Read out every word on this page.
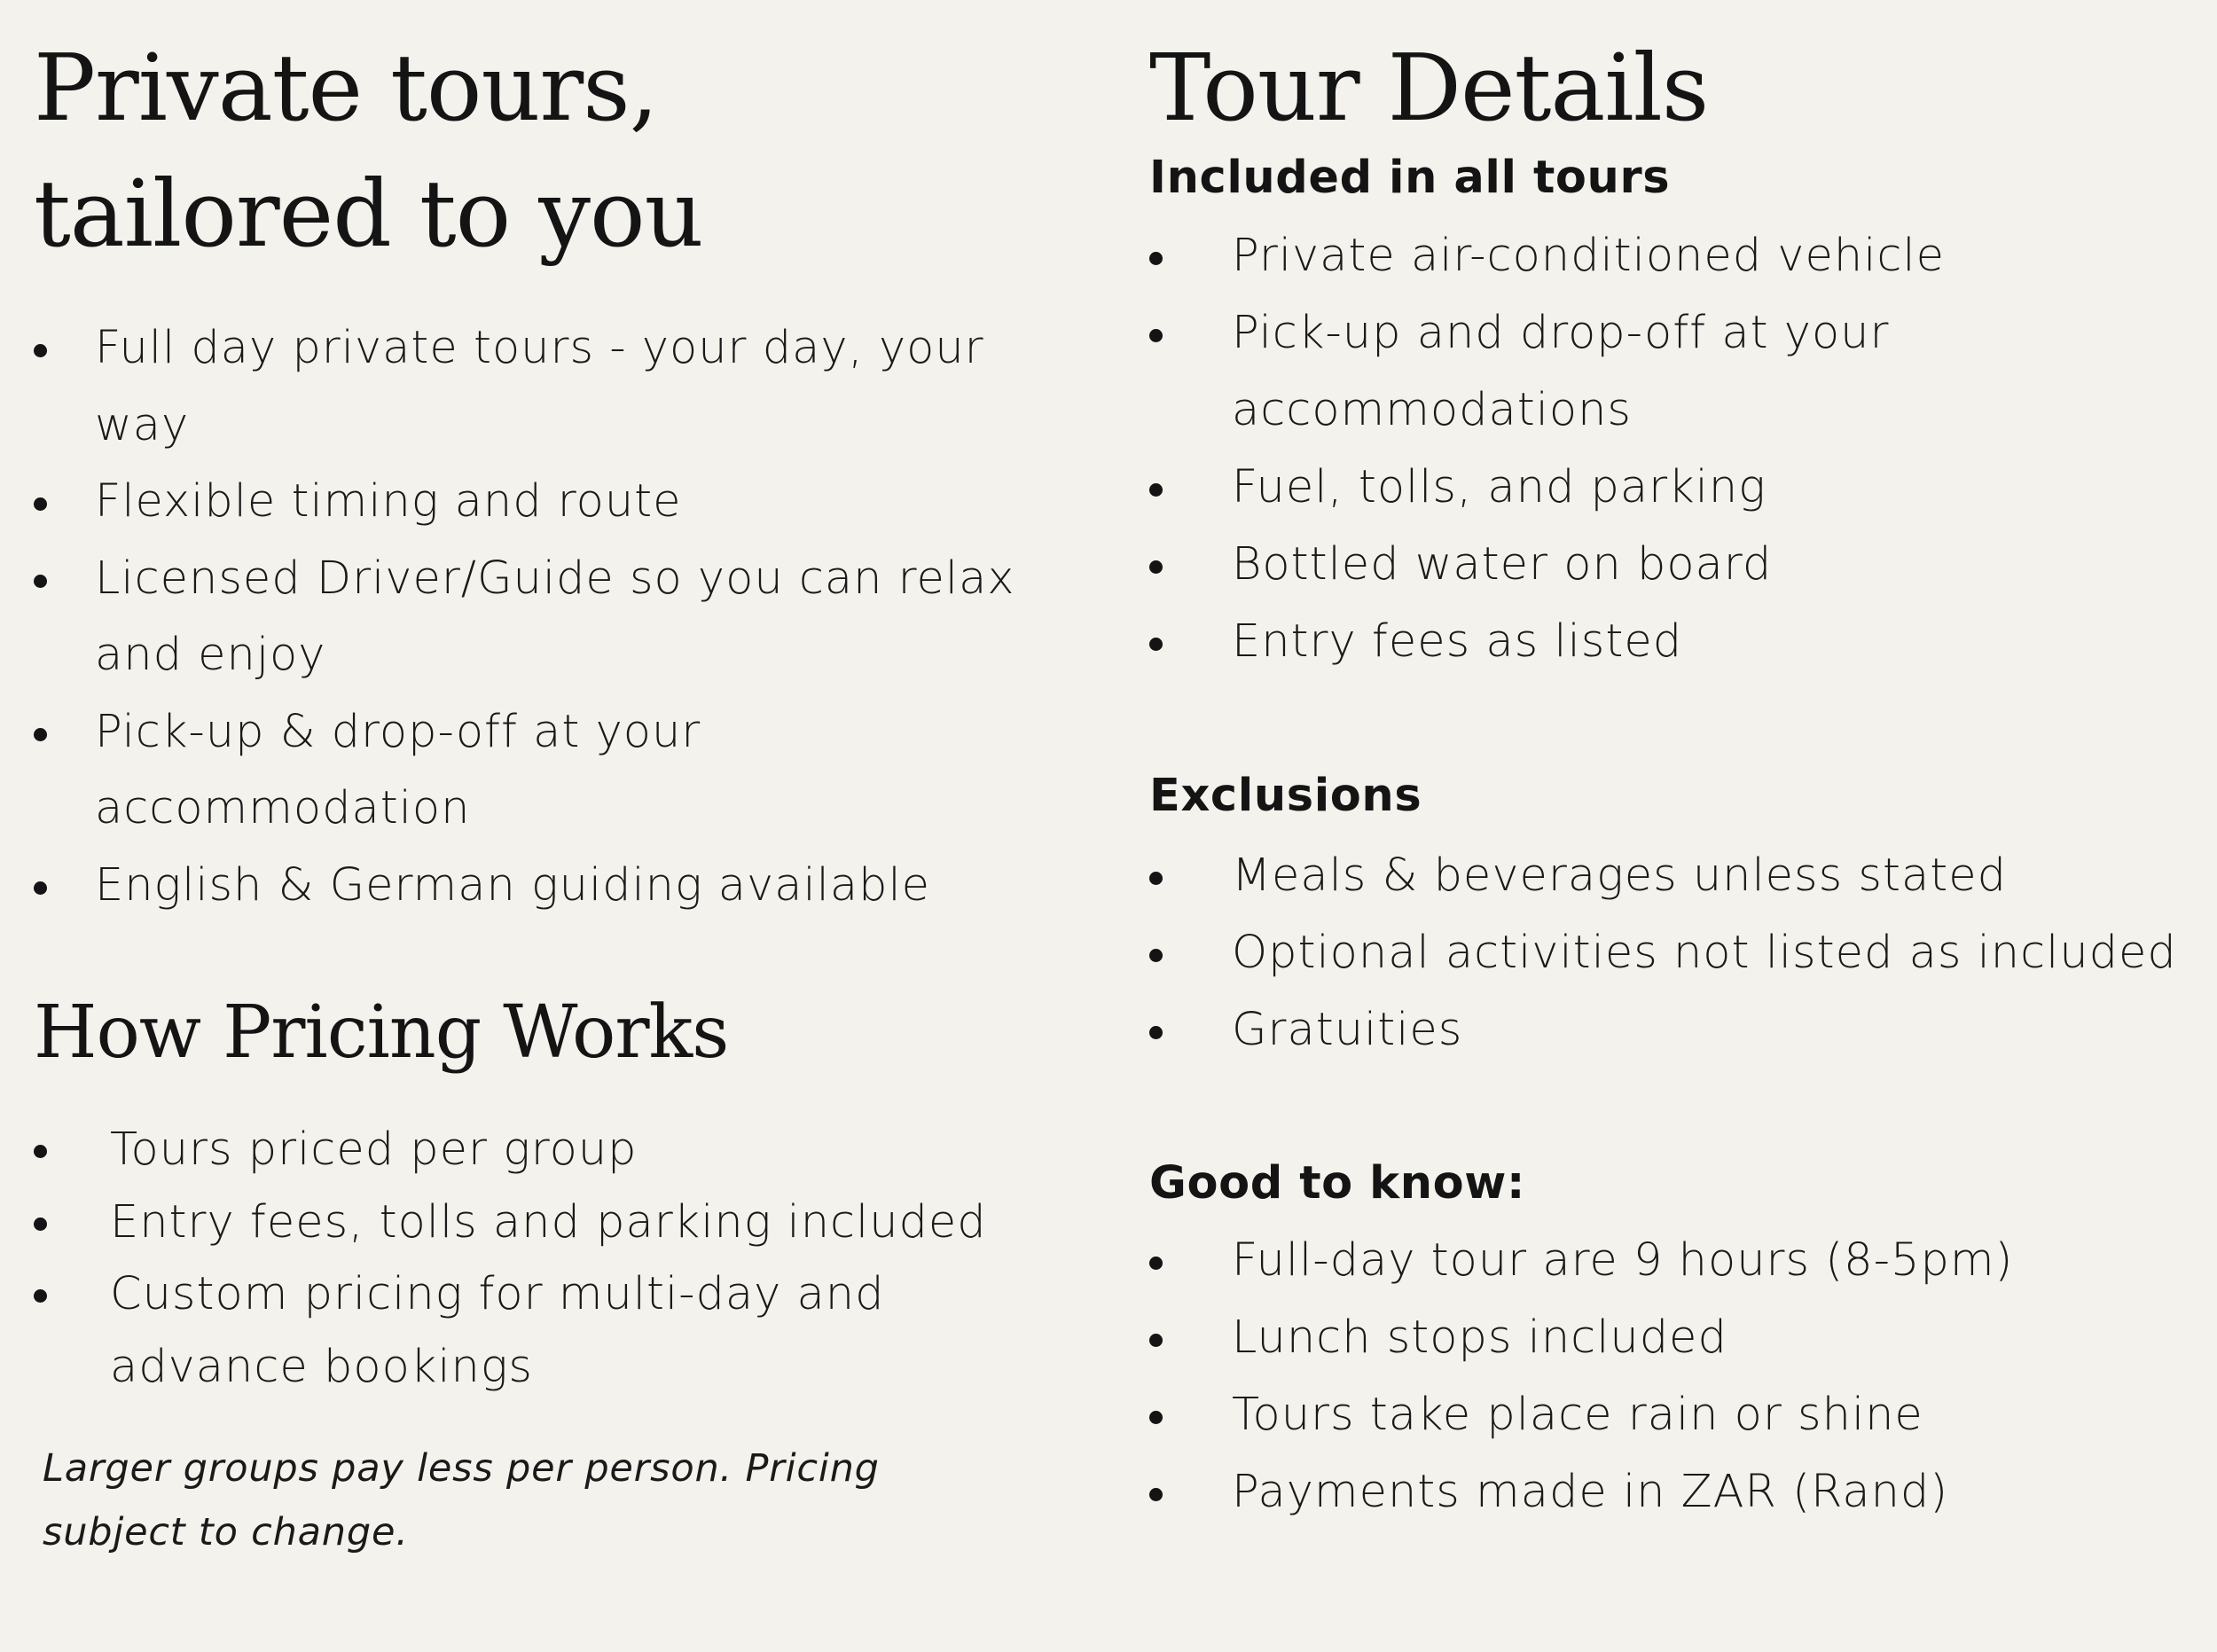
Private tours,
tailored to you
Full day private tours - your day, your way
Flexible timing and route
Licensed Driver/Guide so you can relax and enjoy
Pick-up & drop-off at your accommodation
English & German guiding available
How Pricing Works
Tours priced per group
Entry fees, tolls and parking included
Custom pricing for multi-day and advance bookings

Larger groups pay less per person. Pricing subject to change.

Tour Details
Included in all tours
Private air-conditioned vehicle
Pick-up and drop-off at your accommodations
Fuel, tolls, and parking
Bottled water on board
Entry fees as listed
Exclusions
Meals & beverages unless stated
Optional activities not listed as included
Gratuities
Good to know:
Full-day tour are 9 hours (8-5pm)
Lunch stops included
Tours take place rain or shine
Payments made in ZAR (Rand)
